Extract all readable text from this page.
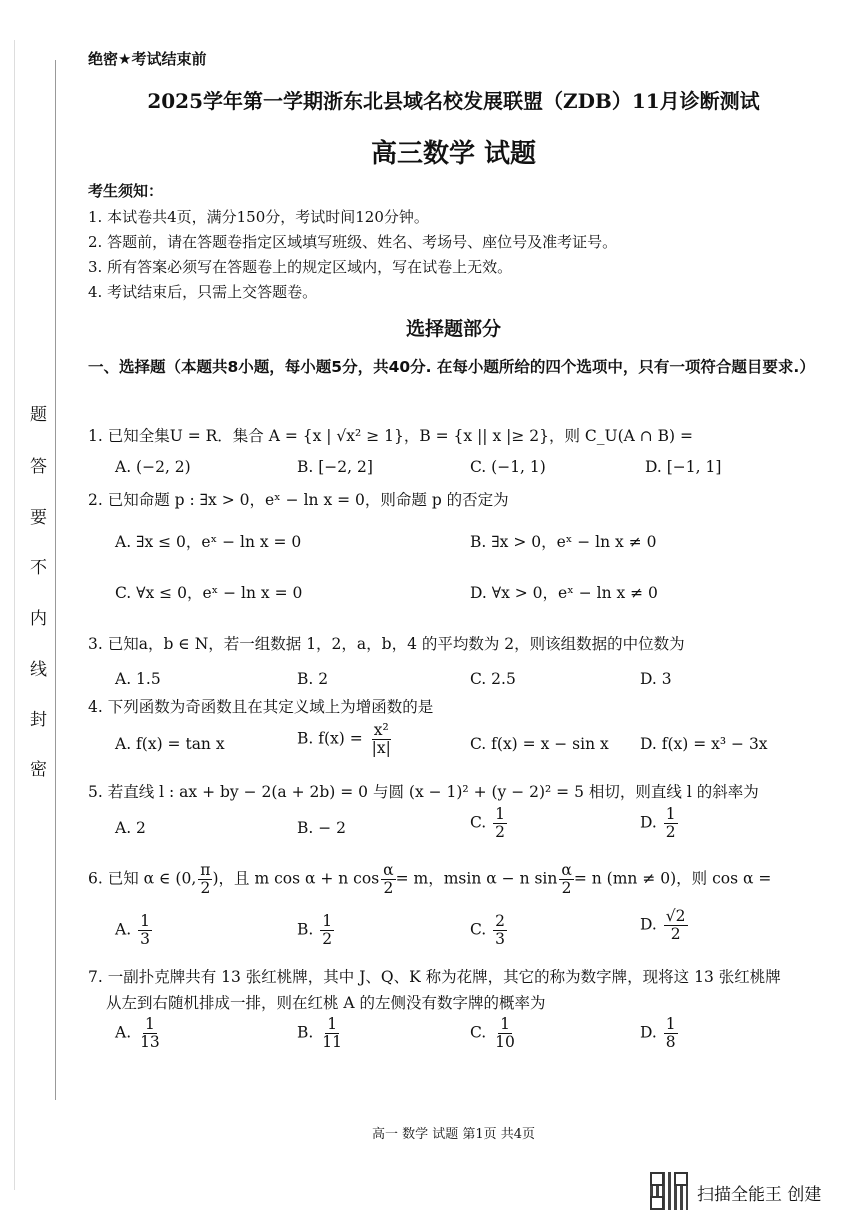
题
答
要
不
内
线
封
密
绝密★考试结束前
2025学年第一学期浙东北县域名校发展联盟（ZDB）11月诊断测试
高三数学 试题
考生须知：
1. 本试卷共4页，满分150分，考试时间120分钟。
2. 答题前，请在答题卷指定区域填写班级、姓名、考场号、座位号及准考证号。
3. 所有答案必须写在答题卷上的规定区域内，写在试卷上无效。
4. 考试结束后，只需上交答题卷。
选择题部分
一、选择题（本题共8小题，每小题5分，共40分. 在每小题所给的四个选项中，只有一项符合题目要求.）
1. 已知全集U = R．集合 A = {x | √x² ≥ 1}，B = {x || x |≥ 2}，则 C_U(A ∩ B) =
A. (−2, 2)	B. [−2, 2]	C. (−1, 1)	D. [−1, 1]
2. 已知命题 p : ∃x > 0，eˣ − ln x = 0，则命题 p 的否定为
A. ∃x ≤ 0，eˣ − ln x = 0	B. ∃x > 0，eˣ − ln x ≠ 0
C. ∀x ≤ 0，eˣ − ln x = 0	D. ∀x > 0，eˣ − ln x ≠ 0
3. 已知a，b ∈ N，若一组数据 1，2，a，b，4 的平均数为 2，则该组数据的中位数为
A. 1.5	B. 2	C. 2.5	D. 3
4. 下列函数为奇函数且在其定义域上为增函数的是
A. f(x) = tan x	B. $f(x) = \frac{\text{x²}}{|x|}$	C. f(x) = x − sin x D. f(x) = x³ − 3x
5. 若直线 l : ax + by − 2(a + 2b) = 0 与圆 (x − 1)² + (y − 2)² = 5 相切，则直线 l 的斜率为
A. 2	B. − 2	C. $\frac{1}{2}$	D. $\frac{1}{2}$
6. 已知 α ∈ (0, $\frac{\pi}{2}$ )，且 m cos α + n $\cos \frac{\alpha}{2} = m$，msin α − n $\sin \frac{\alpha}{2} = n$ (mn ≠ 0)，则 cos α =
A. $\frac{1}{3}$	B. $\frac{1}{2}$	C. $\frac{2}{3}$	D. $\frac{√2}{2}$
7. 一副扑克牌共有 13 张红桃牌，其中 J、Q、K 称为花牌，其它的称为数字牌，现将这 13 张红桃牌
从左到右随机排成一排，则在红桃 A 的左侧没有数字牌的概率为
A. $\frac{1}{13}$	B. $\frac{1}{11}$	C. $\frac{1}{10}$	D. $\frac{1}{8}$
高一 数学 试题 第1页 共4页
扫描全能王 创建
